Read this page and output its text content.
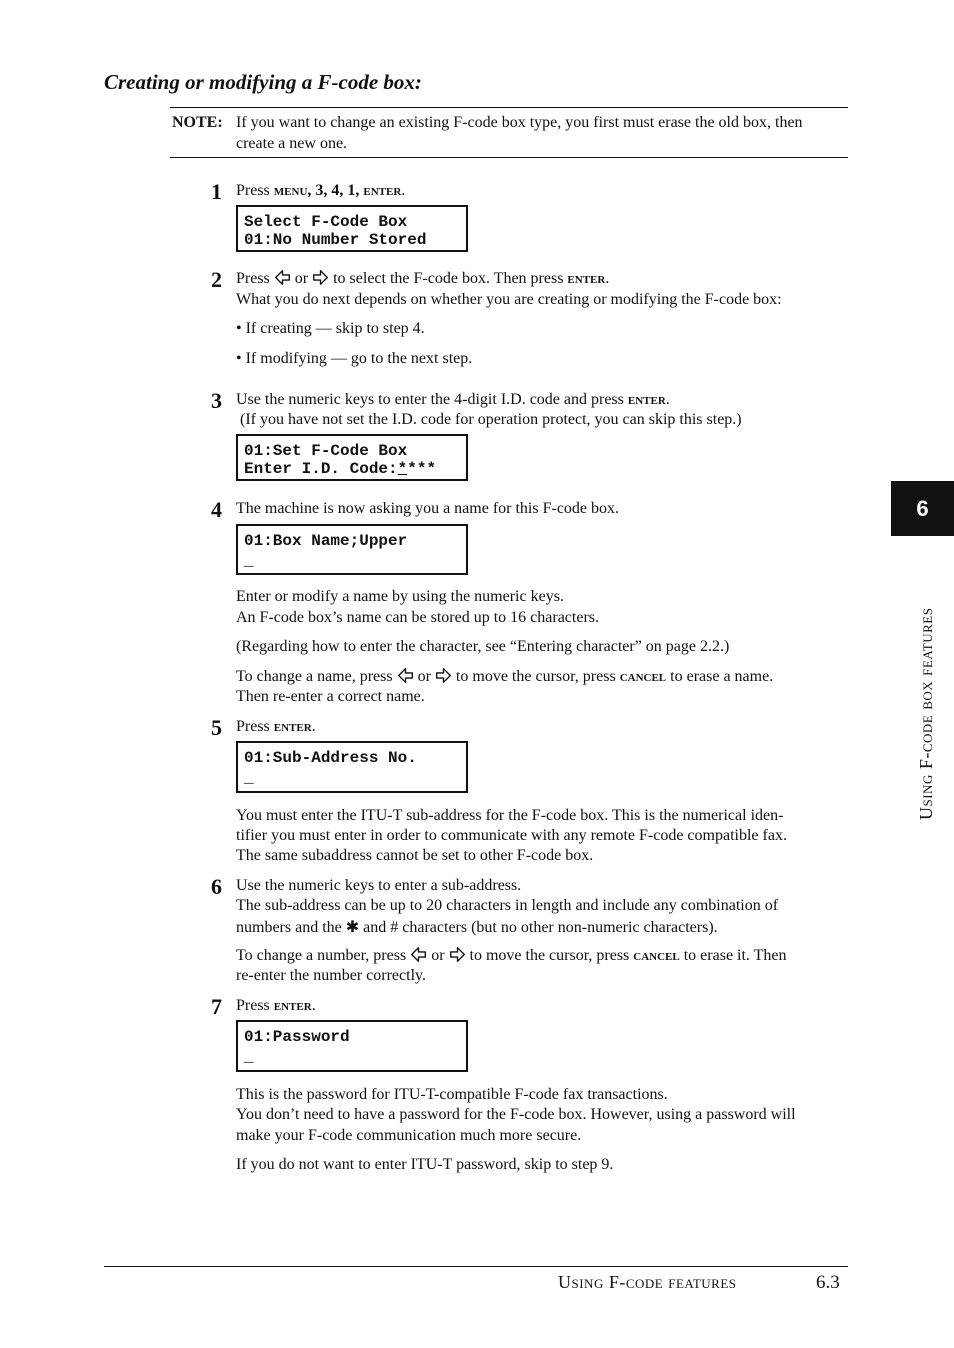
Creating or modifying a F-code box:
NOTE: If you want to change an existing F-code box type, you first must erase the old box, then
create a new one.
1 Press menu, 3, 4, 1, enter.
Select F-Code Box
01:No Number Stored
2 Press or to select the F-code box. Then press enter.
What you do next depends on whether you are creating or modifying the F-code box:
• If creating — skip to step 4.
• If modifying — go to the next step.
3 Use the numeric keys to enter the 4-digit I.D. code and press enter.
(If you have not set the I.D. code for operation protect, you can skip this step.)
01:Set F-Code Box
Enter I.D. Code:****
4 The machine is now asking you a name for this F-code box.
01:Box Name;Upper
_
Enter or modify a name by using the numeric keys.
An F-code box’s name can be stored up to 16 characters.
(Regarding how to enter the character, see “Entering character” on page 2.2.)
To change a name, press or to move the cursor, press cancel to erase a name.
Then re-enter a correct name.
5 Press enter.
01:Sub-Address No.
_
You must enter the ITU-T sub-address for the F-code box. This is the numerical iden-
tifier you must enter in order to communicate with any remote F-code compatible fax.
The same subaddress cannot be set to other F-code box.
6 Use the numeric keys to enter a sub-address.
The sub-address can be up to 20 characters in length and include any combination of
numbers and the ✱ and # characters (but no other non-numeric characters).
To change a number, press or to move the cursor, press cancel to erase it. Then
re-enter the number correctly.
7 Press enter.
01:Password
_
This is the password for ITU-T-compatible F-code fax transactions.
You don’t need to have a password for the F-code box. However, using a password will
make your F-code communication much more secure.
If you do not want to enter ITU-T password, skip to step 9.
6
Using F-code box features
Using F-code features	6.3
